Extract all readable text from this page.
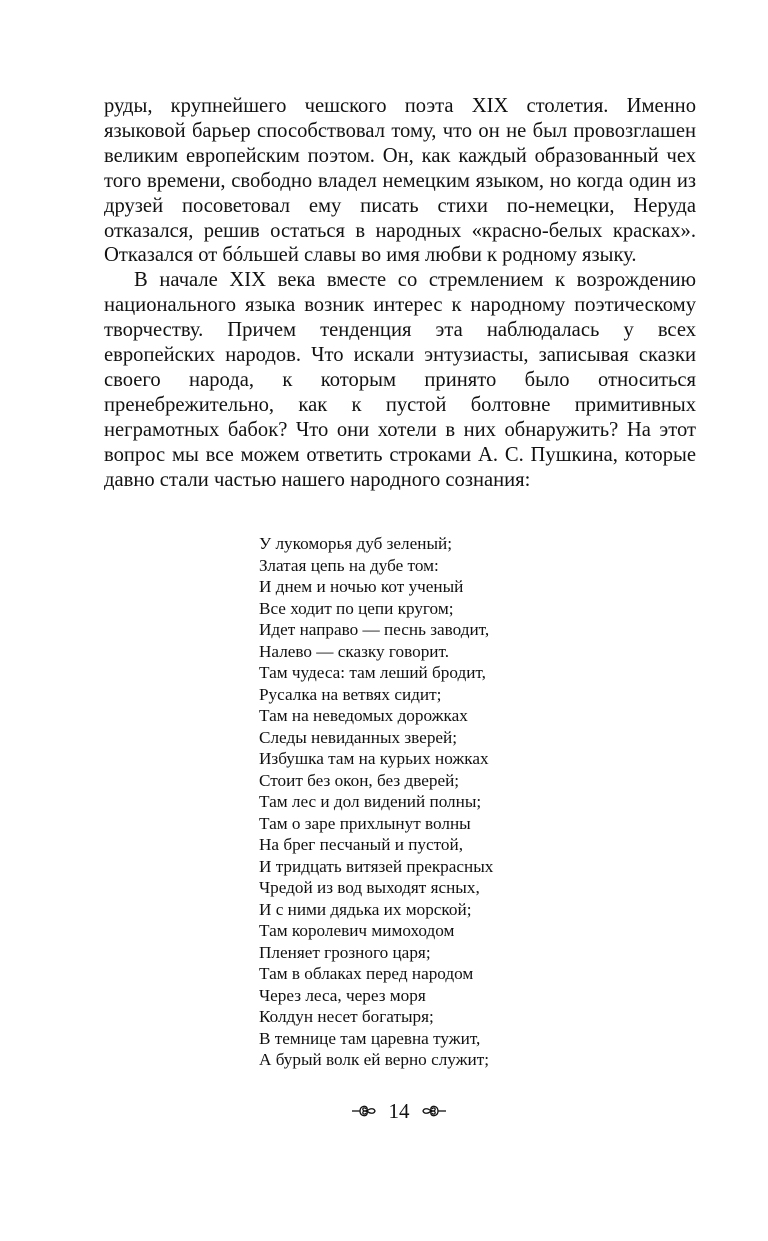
руды, крупнейшего чешского поэта XIX столетия. Именно языковой барьер способствовал тому, что он не был провозглашен великим европейским поэтом. Он, как каждый образованный чех того времени, свободно владел немецким языком, но когда один из друзей посоветовал ему писать стихи по-немецки, Неруда отказался, решив остаться в народных «красно-белых красках». Отказался от бóльшей славы во имя любви к родному языку.

В начале XIX века вместе со стремлением к возрождению национального языка возник интерес к народному поэтическому творчеству. Причем тенденция эта наблюдалась у всех европейских народов. Что искали энтузиасты, записывая сказки своего народа, к которым принято было относиться пренебрежительно, как к пустой болтовне примитивных неграмотных бабок? Что они хотели в них обнаружить? На этот вопрос мы все можем ответить строками А. С. Пушкина, которые давно стали частью нашего народного сознания:

У лукоморья дуб зеленый;
Златая цепь на дубе том:
И днем и ночью кот ученый
Все ходит по цепи кругом;
Идет направо — песнь заводит,
Налево — сказку говорит.
Там чудеса: там леший бродит,
Русалка на ветвях сидит;
Там на неведомых дорожках
Следы невиданных зверей;
Избушка там на курьих ножках
Стоит без окон, без дверей;
Там лес и дол видений полны;
Там о заре прихлынут волны
На брег песчаный и пустой,
И тридцать витязей прекрасных
Чредой из вод выходят ясных,
И с ними дядька их морской;
Там королевич мимоходом
Пленяет грозного царя;
Там в облаках перед народом
Через леса, через моря
Колдун несет богатыря;
В темнице там царевна тужит,
А бурый волк ей верно служит;
14
